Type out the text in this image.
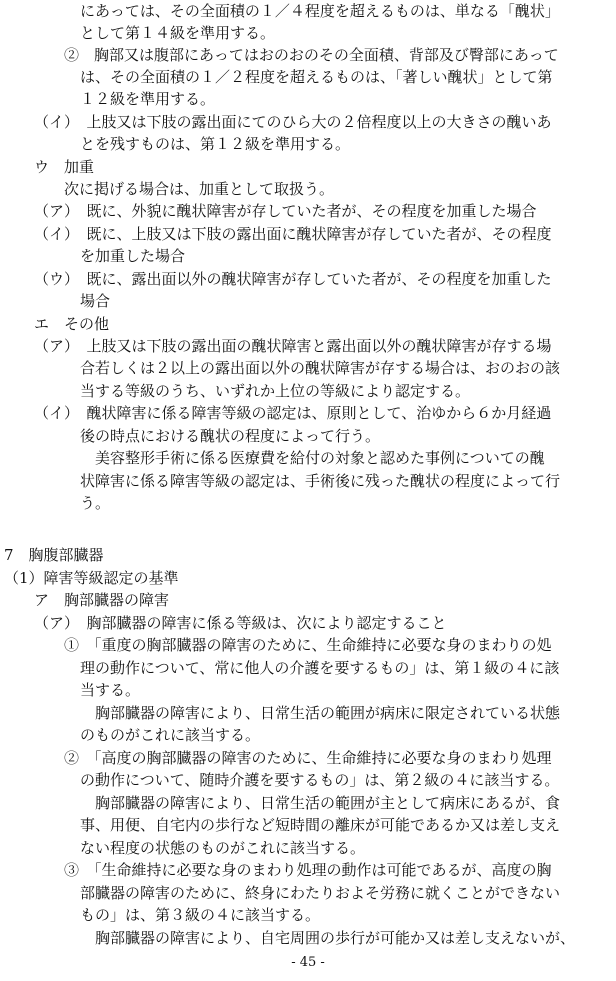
にあっては、その全面積の１／４程度を超えるものは、単なる「醜状」
として第１４級を準用する。
②　胸部又は腹部にあってはおのおのその全面積、背部及び臀部にあって
は、その全面積の１／２程度を超えるものは、「著しい醜状」として第
１２級を準用する。
（イ）　上肢又は下肢の露出面にてのひら大の２倍程度以上の大きさの醜いあ
とを残すものは、第１２級を準用する。
ウ　加重
次に掲げる場合は、加重として取扱う。
（ア）　既に、外貌に醜状障害が存していた者が、その程度を加重した場合
（イ）　既に、上肢又は下肢の露出面に醜状障害が存していた者が、その程度
を加重した場合
（ウ）　既に、露出面以外の醜状障害が存していた者が、その程度を加重した
場合
エ　その他
（ア）　上肢又は下肢の露出面の醜状障害と露出面以外の醜状障害が存する場
合若しくは２以上の露出面以外の醜状障害が存する場合は、おのおの該
当する等級のうち、いずれか上位の等級により認定する。
（イ）　醜状障害に係る障害等級の認定は、原則として、治ゆから６か月経過
後の時点における醜状の程度によって行う。
美容整形手術に係る医療費を給付の対象と認めた事例についての醜
状障害に係る障害等級の認定は、手術後に残った醜状の程度によって行
う。
7　胸腹部臓器
（1）障害等級認定の基準
ア　胸部臓器の障害
（ア）　胸部臓器の障害に係る等級は、次により認定すること
①　「重度の胸部臓器の障害のために、生命維持に必要な身のまわりの処
理の動作について、常に他人の介護を要するもの」は、第１級の４に該
当する。
胸部臓器の障害により、日常生活の範囲が病床に限定されている状態
のものがこれに該当する。
②　「高度の胸部臓器の障害のために、生命維持に必要な身のまわり処理
の動作について、随時介護を要するもの」は、第２級の４に該当する。
胸部臓器の障害により、日常生活の範囲が主として病床にあるが、食
事、用便、自宅内の歩行など短時間の離床が可能であるか又は差し支え
ない程度の状態のものがこれに該当する。
③　「生命維持に必要な身のまわり処理の動作は可能であるが、高度の胸
部臓器の障害のために、終身にわたりおよそ労務に就くことができない
もの」は、第３級の４に該当する。
胸部臓器の障害により、自宅周囲の歩行が可能か又は差し支えないが、
- 45 -
